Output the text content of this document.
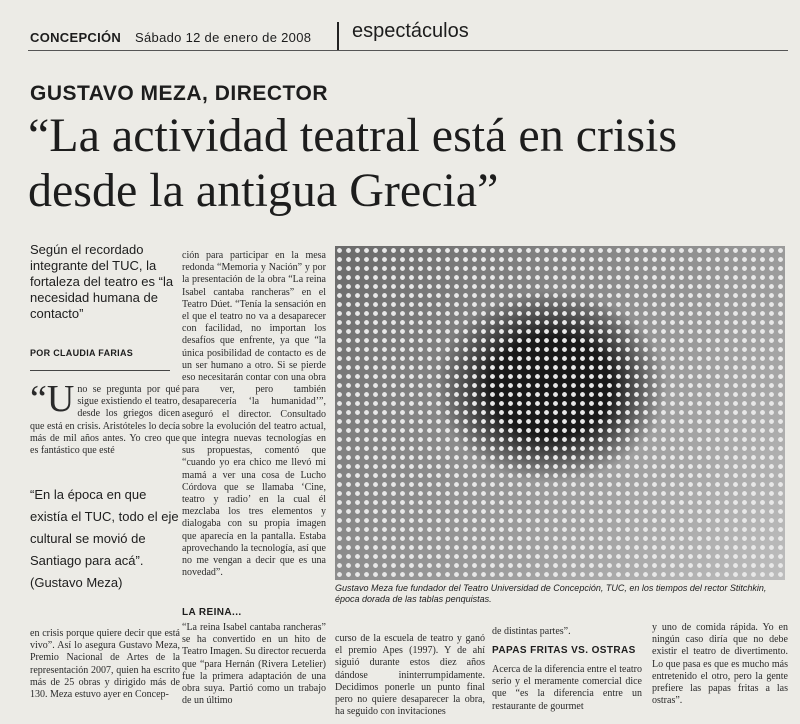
CONCEPCIÓN Sábado 12 de enero de 2008 espectáculos
GUSTAVO MEZA, DIRECTOR
“La actividad teatral está en crisis desde la antigua Grecia”
Según el recordado integrante del TUC, la fortaleza del teatro es “la necesidad humana de contacto”
POR CLAUDIA FARIAS
“Uno se pregunta por qué sigue existiendo el teatro, desde los griegos dicen que está en crisis. Aristóteles lo decía más de mil años antes. Yo creo que es fantástico que esté
“En la época en que existía el TUC, todo el eje cultural se movió de Santiago para acá”. (Gustavo Meza)
en crisis porque quiere decir que está vivo”. Así lo asegura Gustavo Meza, Premio Nacional de Artes de la representación 2007, quien ha escrito más de 25 obras y dirigido más de 130. Meza estuvo ayer en Concep-
ción para participar en la mesa redonda “Memoria y Nación” y por la presentación de la obra “La reina Isabel cantaba rancheras” en el Teatro Dúet. “Tenía la sensación en el que el teatro no va a desaparecer con facilidad, no importan los desafíos que enfrente, ya que “la única posibilidad de contacto es de un ser humano a otro. Si se pierde eso necesitarán contar con una obra para ver, pero también desaparecería ‘la humanidad’”, aseguró el director. Consultado sobre la evolución del teatro actual, que integra nuevas tecnologías en sus propuestas, comentó que “cuando yo era chico me llevó mi mamá a ver una cosa de Lucho Córdova que se llamaba ‘Cine, teatro y radio’ en la cual él mezclaba los tres elementos y dialogaba con su propia imagen que aparecía en la pantalla. Estaba aprovechando la tecnología, así que no me vengan a decir que es una novedad”.
LA REINA...
“La reina Isabel cantaba rancheras” se ha convertido en un hito de Teatro Imagen. Su director recuerda que “para Hernán (Rivera Letelier) fue la primera adaptación de una obra suya. Partió como un trabajo de un último
Gustavo Meza fue fundador del Teatro Universidad de Concepción, TUC, en los tiempos del rector Stitchkin, época dorada de las tablas penquistas.
curso de la escuela de teatro y ganó el premio Apes (1997). Y de ahí siguió durante estos diez años dándose ininterrumpidamente. Decidimos ponerle un punto final pero no quiere desaparecer la obra, ha seguido con invitaciones
de distintas partes”.
PAPAS FRITAS VS. OSTRAS
Acerca de la diferencia entre el teatro serio y el meramente comercial dice que “es la diferencia entre un restaurante de gourmet
y uno de comida rápida. Yo en ningún caso diría que no debe existir el teatro de divertimento. Lo que pasa es que es mucho más entretenido el otro, pero la gente prefiere las papas fritas a las ostras”.
